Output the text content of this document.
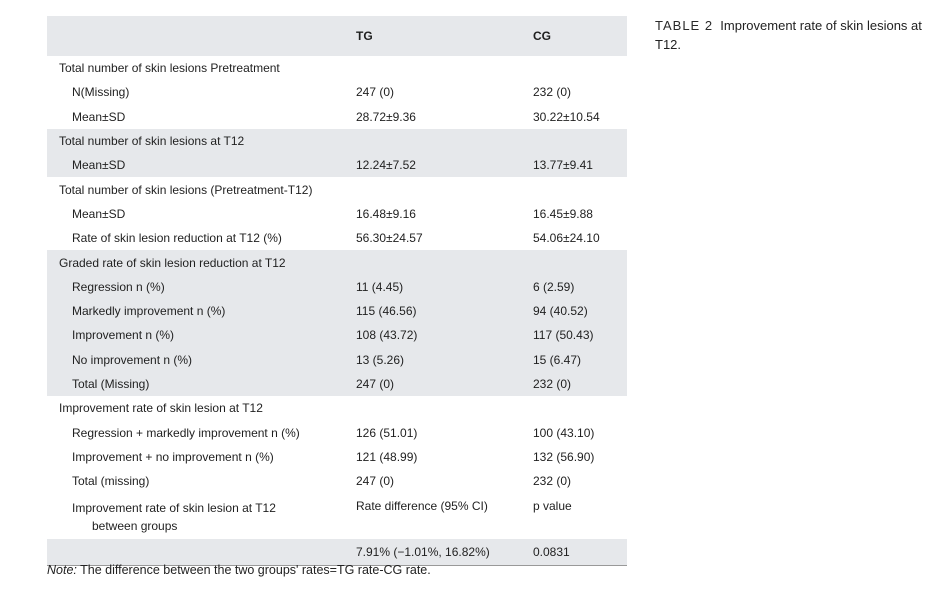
TABLE 2 Improvement rate of skin lesions at T12.
	TG	CG
Total number of skin lesions Pretreatment		
N(Missing)	247 (0)	232 (0)
Mean±SD	28.72±9.36	30.22±10.54
Total number of skin lesions at T12		
Mean±SD	12.24±7.52	13.77±9.41
Total number of skin lesions (Pretreatment-T12)		
Mean±SD	16.48±9.16	16.45±9.88
Rate of skin lesion reduction at T12 (%)	56.30±24.57	54.06±24.10
Graded rate of skin lesion reduction at T12		
Regression n (%)	11 (4.45)	6 (2.59)
Markedly improvement n (%)	115 (46.56)	94 (40.52)
Improvement n (%)	108 (43.72)	117 (50.43)
No improvement n (%)	13 (5.26)	15 (6.47)
Total (Missing)	247 (0)	232 (0)
Improvement rate of skin lesion at T12		
Regression + markedly improvement n (%)	126 (51.01)	100 (43.10)
Improvement + no improvement n (%)	121 (48.99)	132 (56.90)
Total (missing)	247 (0)	232 (0)
Improvement rate of skin lesion at T12
between groups	Rate difference (95% CI)	p value
	7.91% (−1.01%, 16.82%)	0.0831
Note: The difference between the two groups' rates=TG rate-CG rate.
